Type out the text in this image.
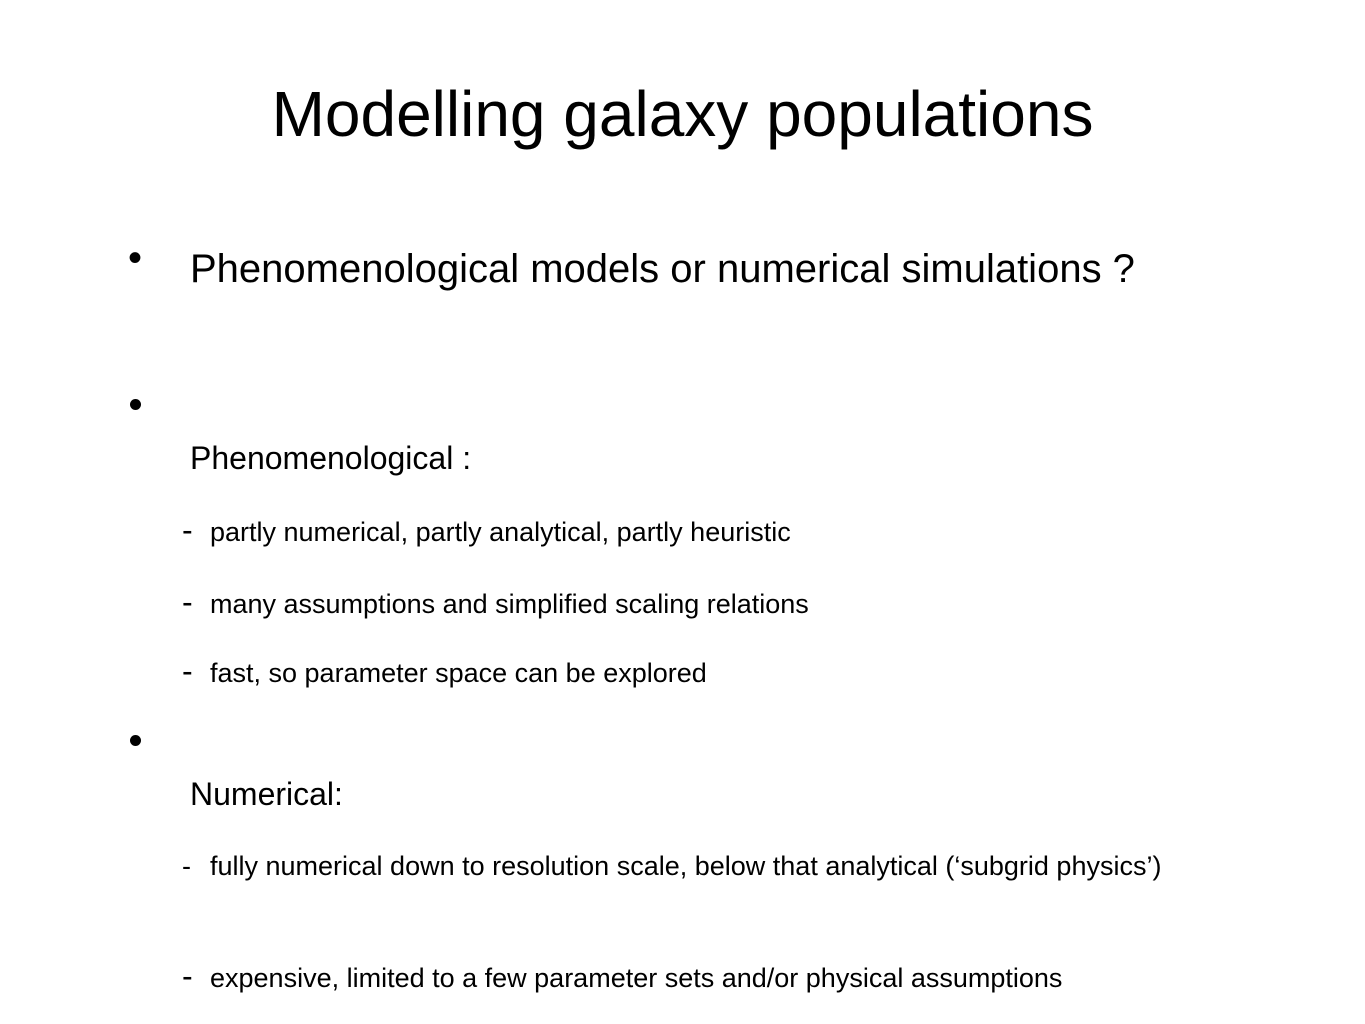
Modelling galaxy populations
• Phenomenological models or numerical simulations ?
Phenomenological :
- partly numerical, partly analytical, partly heuristic
- many assumptions and simplified scaling relations
- fast, so parameter space can be explored
Numerical:
- fully numerical down to resolution scale, below that analytical (‘subgrid physics’)
- expensive, limited to a few parameter sets and/or physical assumptions
